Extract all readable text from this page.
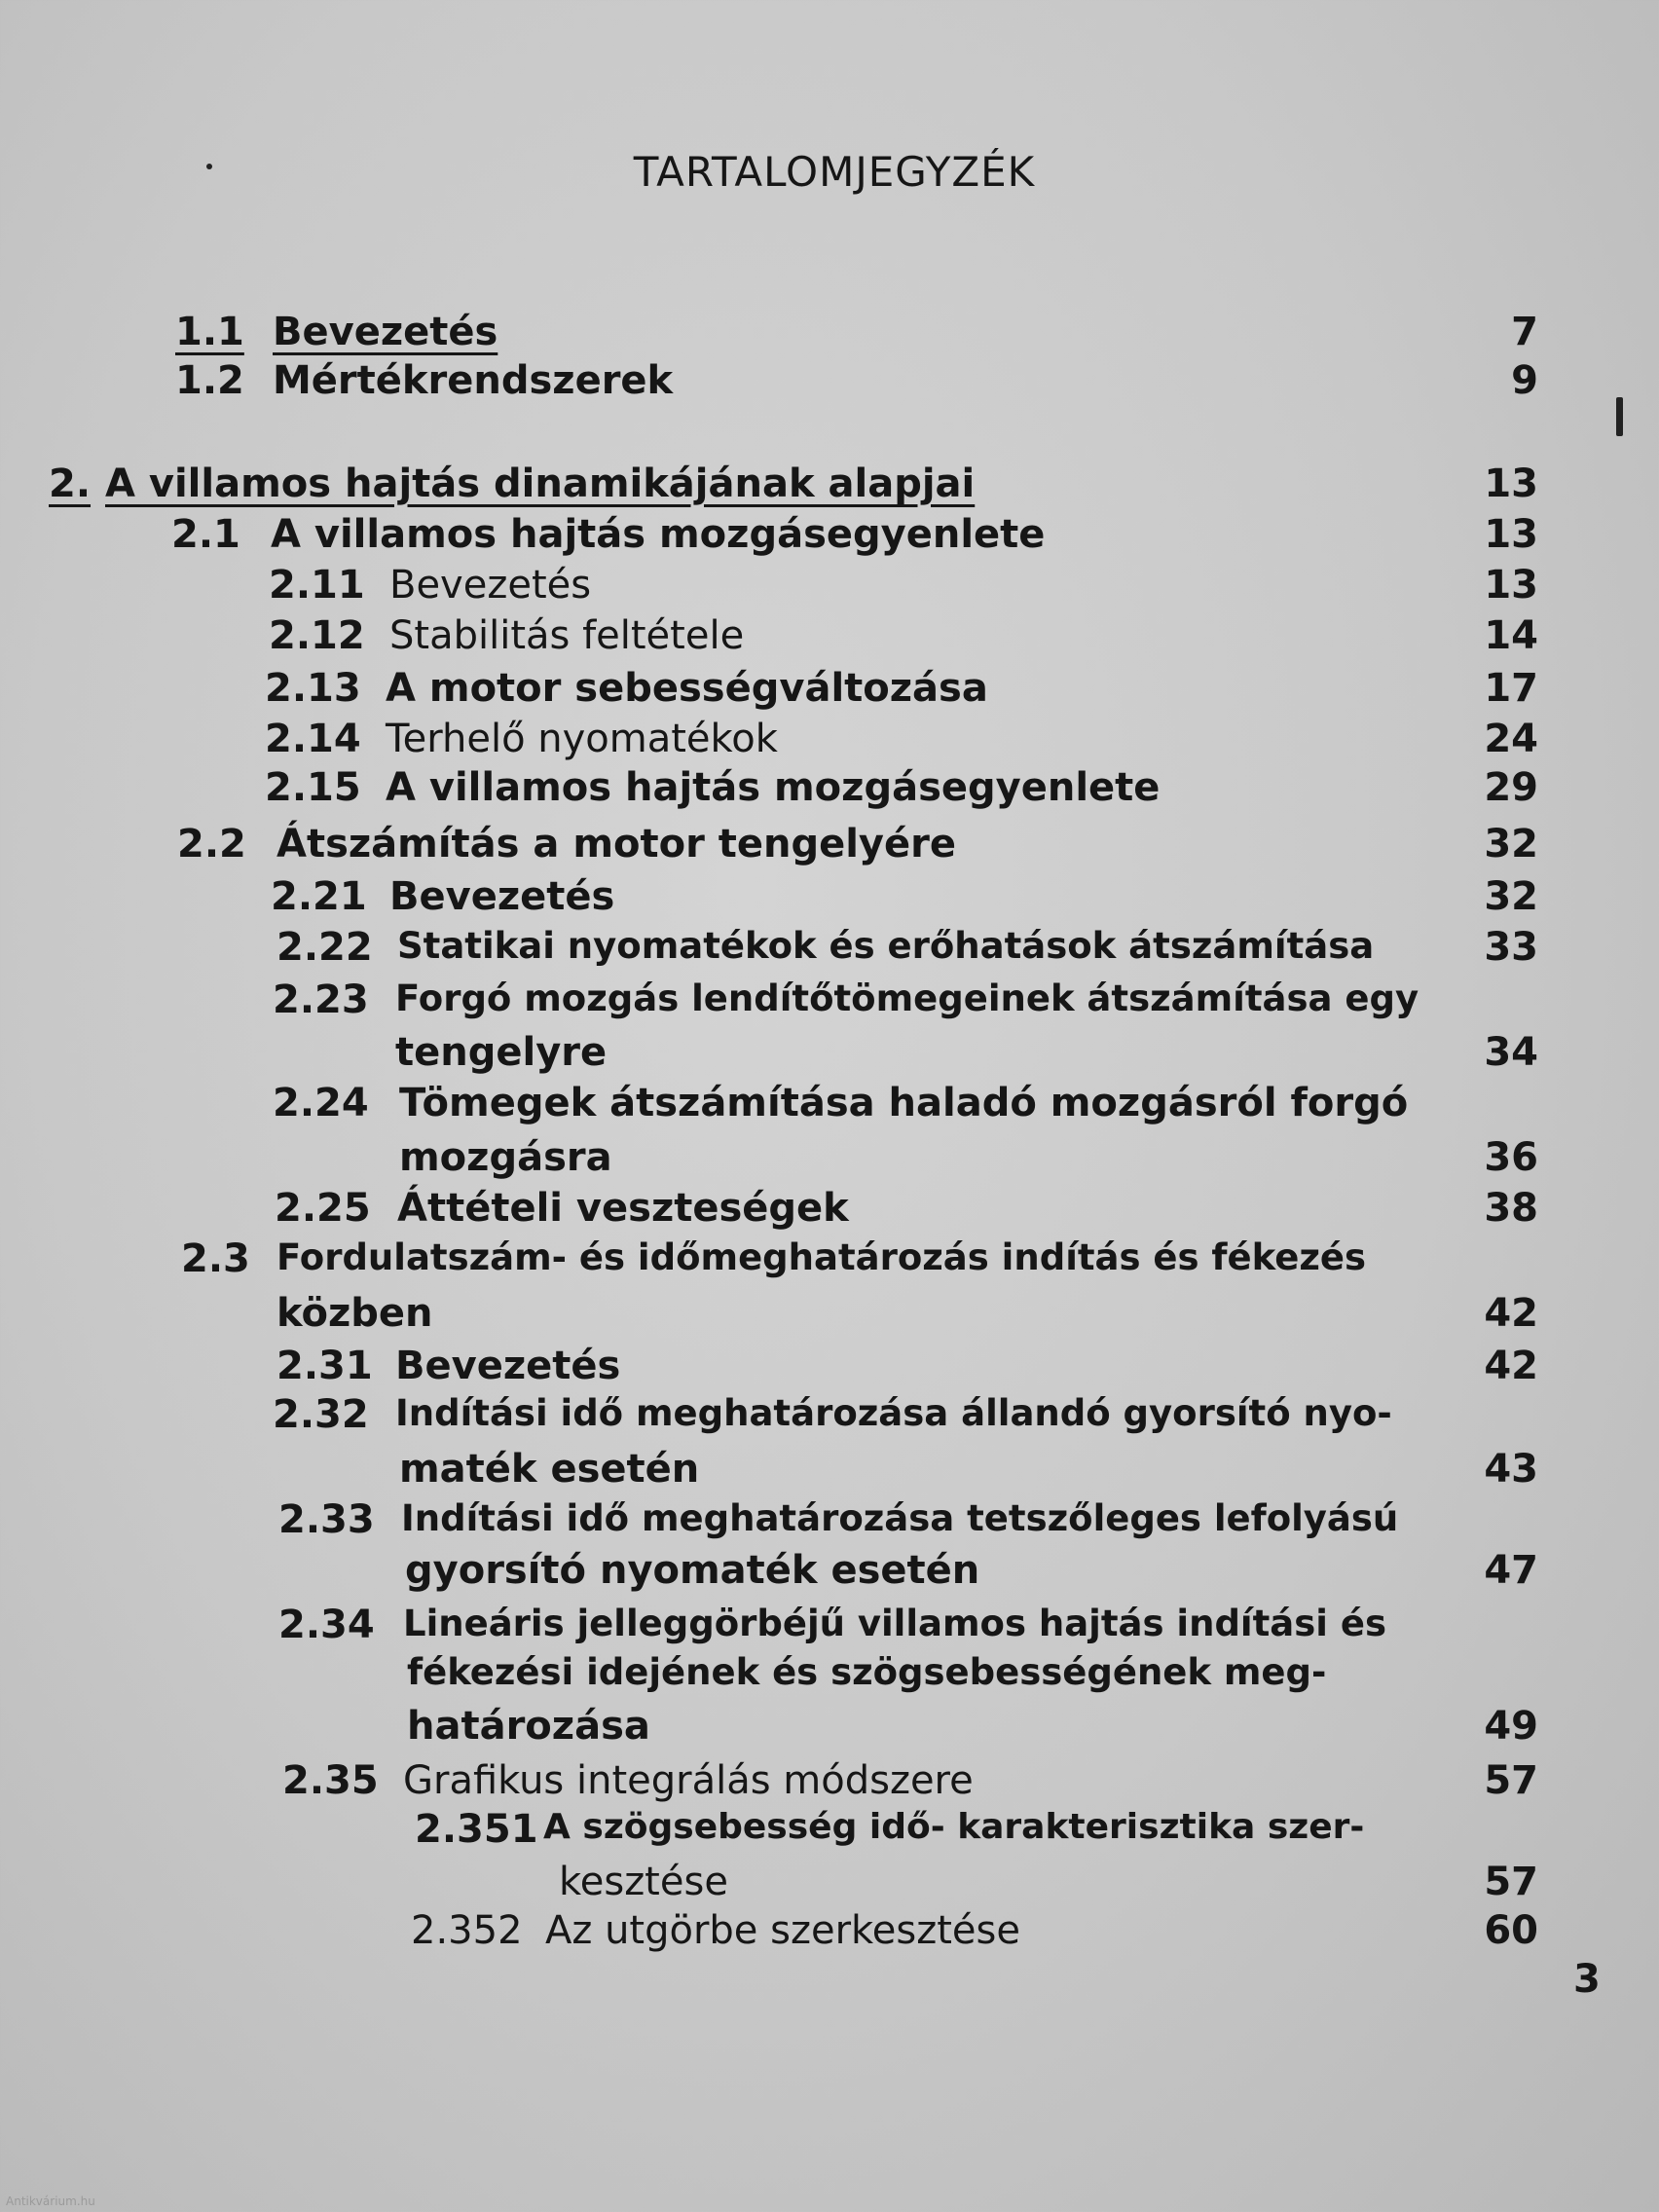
TARTALOMJEGYZÉK
1.1 Bevezetés	7
1.2 Mértékrendszerek	9
2. A villamos hajtás dinamikájának alapjai	13
2.1 A villamos hajtás mozgásegyenlete	13
2.11 Bevezetés	13
2.12 Stabilitás feltétele	14
2.13 A motor sebességváltozása	17
2.14 Terhelő nyomatékok	24
2.15 A villamos hajtás mozgásegyenlete	29
2.2 Átszámítás a motor tengelyére	32
2.21 Bevezetés	32
2.22 Statikai nyomatékok és erőhatások átszámítása	33
2.23 Forgó mozgás lendítőtömegeinek átszámítása egy
tengelyre	34
2.24 Tömegek átszámítása haladó mozgásról forgó
mozgásra	36
2.25 Áttételi veszteségek	38
2.3 Fordulatszám- és időmeghatározás indítás és fékezés
közben	42
2.31 Bevezetés	42
2.32 Indítási idő meghatározása állandó gyorsító nyo-
maték esetén	43
2.33 Indítási idő meghatározása tetszőleges lefolyású
gyorsító nyomaték esetén	47
2.34 Lineáris jelleggörbéjű villamos hajtás indítási és
fékezési idejének és szögsebességének meg-
határozása	49
2.35 Grafikus integrálás módszere	57
2.351 A szögsebesség idő- karakterisztika szer-
kesztése	57
2.352 Az utgörbe szerkesztése	60
3
Antikvárium.hu
